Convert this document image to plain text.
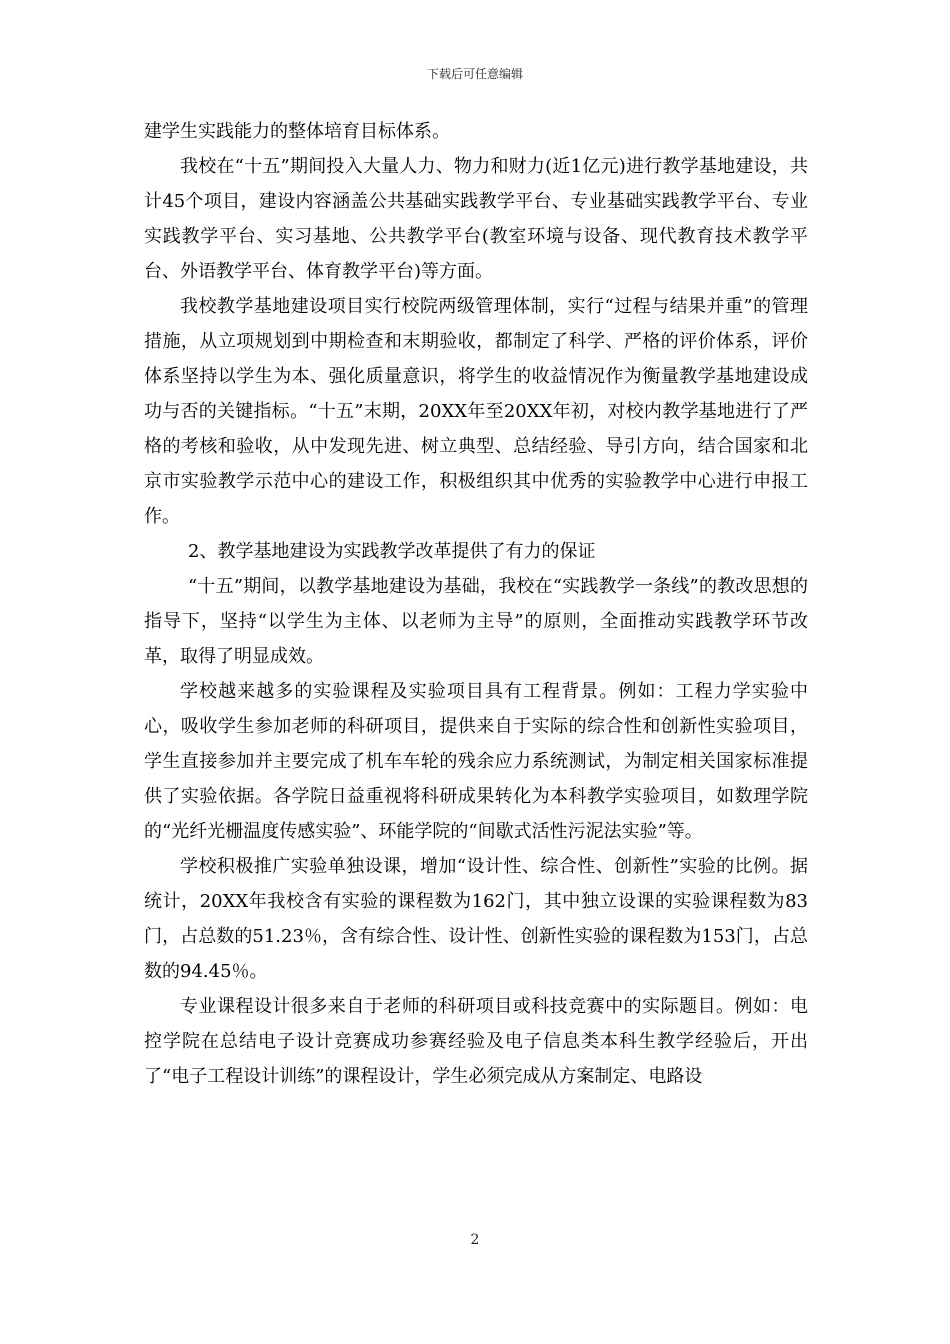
下载后可任意编辑

建学生实践能力的整体培育目标体系。

我校在“十五”期间投入大量人力、物力和财力(近1亿元)进行教学基地建设，共计45个项目，建设内容涵盖公共基础实践教学平台、专业基础实践教学平台、专业实践教学平台、实习基地、公共教学平台(教室环境与设备、现代教育技术教学平台、外语教学平台、体育教学平台)等方面。

我校教学基地建设项目实行校院两级管理体制，实行“过程与结果并重”的管理措施，从立项规划到中期检查和末期验收，都制定了科学、严格的评价体系，评价体系坚持以学生为本、强化质量意识，将学生的收益情况作为衡量教学基地建设成功与否的关键指标。“十五”末期，20XX年至20XX年初，对校内教学基地进行了严格的考核和验收，从中发现先进、树立典型、总结经验、导引方向，结合国家和北京市实验教学示范中心的建设工作，积极组织其中优秀的实验教学中心进行申报工作。

2、教学基地建设为实践教学改革提供了有力的保证

“十五”期间，以教学基地建设为基础，我校在“实践教学一条线”的教改思想的指导下，坚持“以学生为主体、以老师为主导”的原则，全面推动实践教学环节改革，取得了明显成效。

学校越来越多的实验课程及实验项目具有工程背景。例如：工程力学实验中心，吸收学生参加老师的科研项目，提供来自于实际的综合性和创新性实验项目，学生直接参加并主要完成了机车车轮的残余应力系统测试，为制定相关国家标准提供了实验依据。各学院日益重视将科研成果转化为本科教学实验项目，如数理学院的“光纤光栅温度传感实验”、环能学院的“间歇式活性污泥法实验”等。

学校积极推广实验单独设课，增加“设计性、综合性、创新性”实验的比例。据统计，20XX年我校含有实验的课程数为162门，其中独立设课的实验课程数为83门，占总数的51.23％，含有综合性、设计性、创新性实验的课程数为153门，占总数的94.45％。

专业课程设计很多来自于老师的科研项目或科技竞赛中的实际题目。例如：电控学院在总结电子设计竞赛成功参赛经验及电子信息类本科生教学经验后，开出了“电子工程设计训练”的课程设计，学生必须完成从方案制定、电路设

2
